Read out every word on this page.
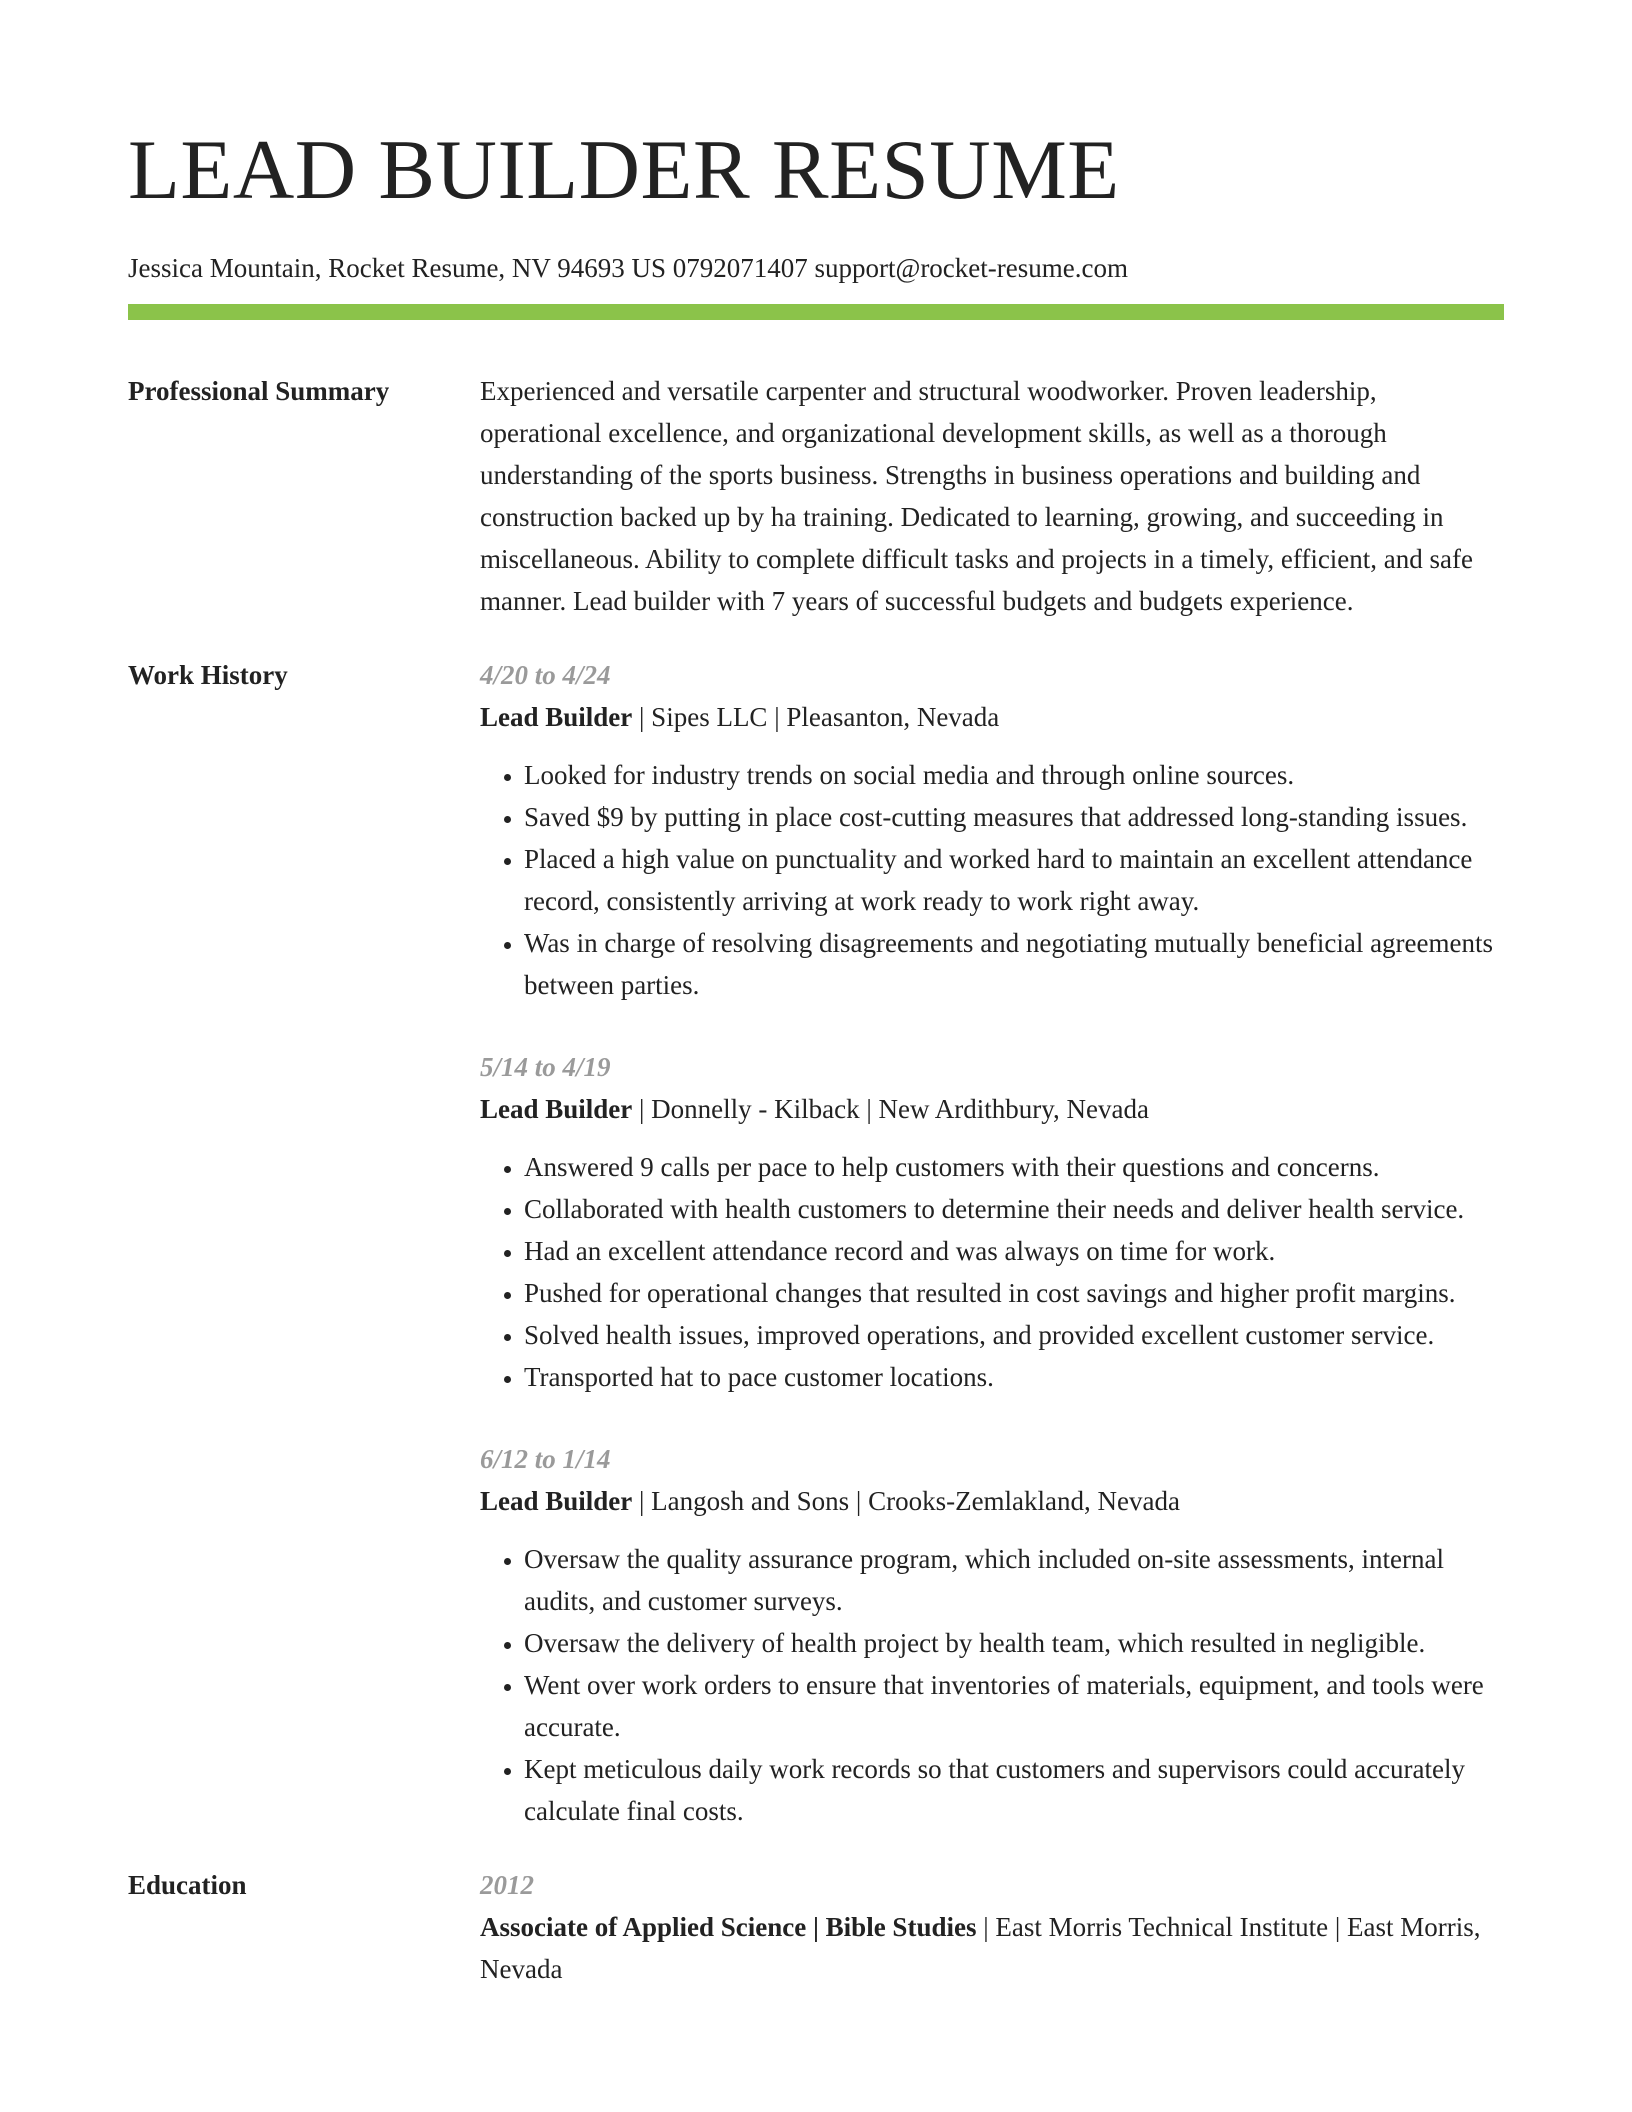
LEAD BUILDER RESUME
Jessica Mountain, Rocket Resume, NV 94693 US 0792071407 support@rocket-resume.com
Professional Summary	Experienced and versatile carpenter and structural woodworker. Proven leadership, operational excellence, and organizational development skills, as well as a thorough understanding of the sports business. Strengths in business operations and building and construction backed up by ha training. Dedicated to learning, growing, and succeeding in miscellaneous. Ability to complete difficult tasks and projects in a timely, efficient, and safe manner. Lead builder with 7 years of successful budgets and budgets experience.

Work History	4/20 to 4/24
Lead Builder | Sipes LLC | Pleasanton, Nevada
• Looked for industry trends on social media and through online sources.
• Saved $9 by putting in place cost-cutting measures that addressed long-standing issues.
• Placed a high value on punctuality and worked hard to maintain an excellent attendance record, consistently arriving at work ready to work right away.
• Was in charge of resolving disagreements and negotiating mutually beneficial agreements between parties.
5/14 to 4/19
Lead Builder | Donnelly - Kilback | New Ardithbury, Nevada
• Answered 9 calls per pace to help customers with their questions and concerns.
• Collaborated with health customers to determine their needs and deliver health service.
• Had an excellent attendance record and was always on time for work.
• Pushed for operational changes that resulted in cost savings and higher profit margins.
• Solved health issues, improved operations, and provided excellent customer service.
• Transported hat to pace customer locations.
6/12 to 1/14
Lead Builder | Langosh and Sons | Crooks-Zemlakland, Nevada
• Oversaw the quality assurance program, which included on-site assessments, internal audits, and customer surveys.
• Oversaw the delivery of health project by health team, which resulted in negligible.
• Went over work orders to ensure that inventories of materials, equipment, and tools were accurate.
• Kept meticulous daily work records so that customers and supervisors could accurately calculate final costs.
Education	2012
Associate of Applied Science | Bible Studies | East Morris Technical Institute | East Morris, Nevada
